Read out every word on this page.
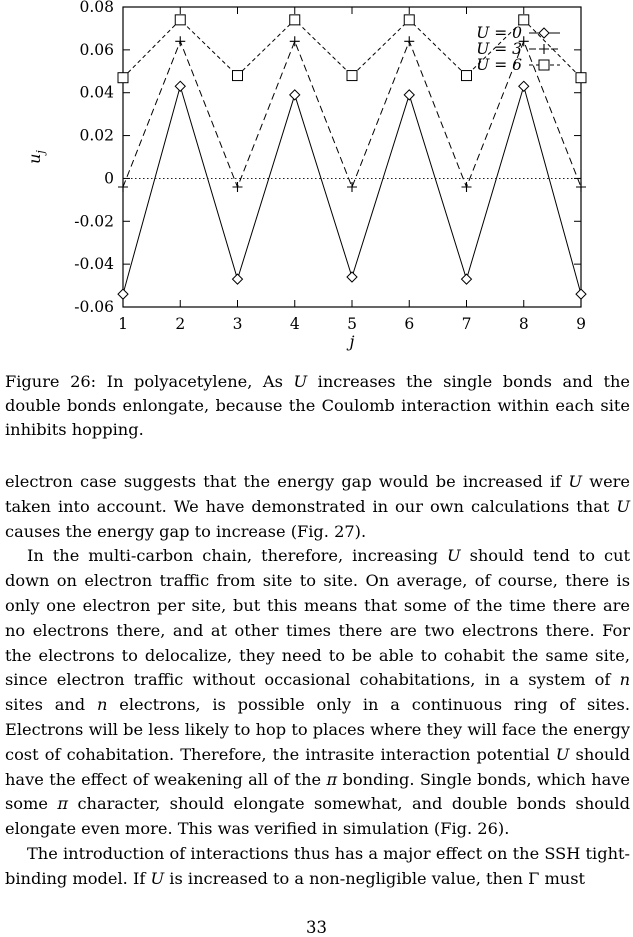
-0.06
-0.04
-0.02
0
0.02
0.04
0.06
0.08
1	2	3	4	5	6	7	8	9
U = 0
U = 3
U = 6
$u_j$
j

Figure 26: In polyacetylene, As U increases the single bonds and the double bonds enlongate, because the Coulomb interaction within each site inhibits hopping.

electron case suggests that the energy gap would be increased if U were taken into account. We have demonstrated in our own calculations that U causes the energy gap to increase (Fig. 27).

In the multi-carbon chain, therefore, increasing U should tend to cut down on electron traffic from site to site. On average, of course, there is only one electron per site, but this means that some of the time there are no electrons there, and at other times there are two electrons there. For the electrons to delocalize, they need to be able to cohabit the same site, since electron traffic without occasional cohabitations, in a system of n sites and n electrons, is possible only in a continuous ring of sites. Electrons will be less likely to hop to places where they will face the energy cost of cohabitation. Therefore, the intrasite interaction potential U should have the effect of weakening all of the π bonding. Single bonds, which have some π character, should elongate somewhat, and double bonds should elongate even more. This was verified in simulation (Fig. 26).

The introduction of interactions thus has a major effect on the SSH tight-binding model. If U is increased to a non-negligible value, then Γ must

33
